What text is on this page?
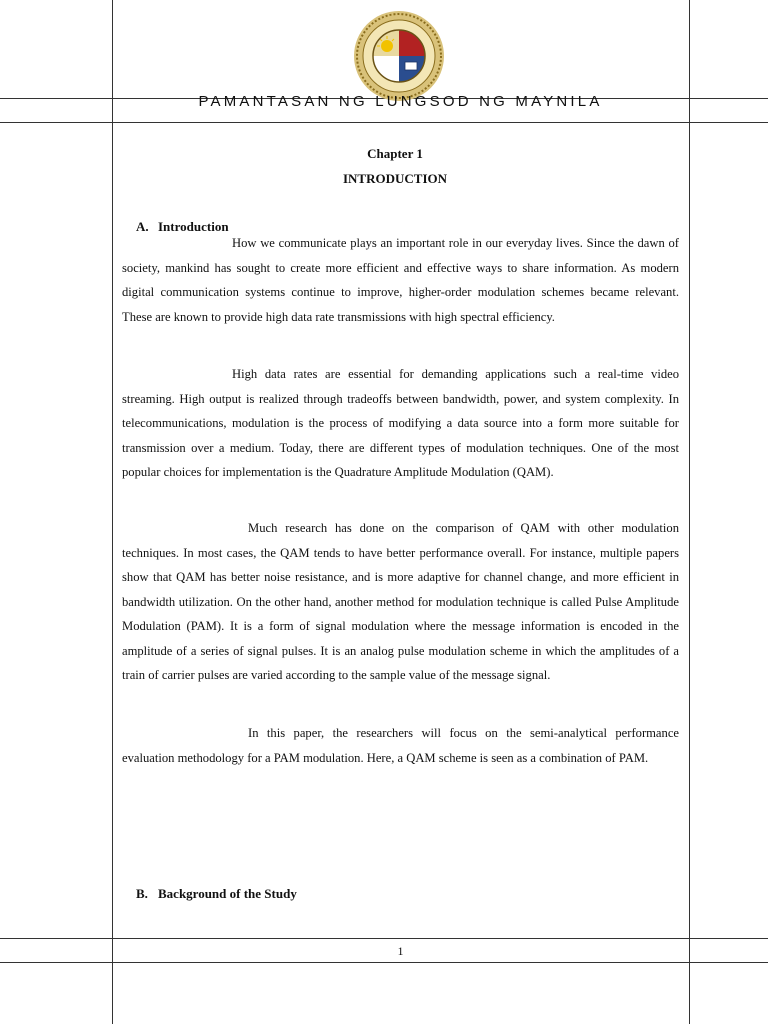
PAMANTASAN NG LUNGSOD NG MAYNILA
Chapter 1
INTRODUCTION
A. Introduction

How we communicate plays an important role in our everyday lives. Since the dawn of society, mankind has sought to create more efficient and effective ways to share information. As modern digital communication systems continue to improve, higher-order modulation schemes became relevant. These are known to provide high data rate transmissions with high spectral efficiency.

High data rates are essential for demanding applications such a real-time video streaming. High output is realized through tradeoffs between bandwidth, power, and system complexity. In telecommunications, modulation is the process of modifying a data source into a form more suitable for transmission over a medium. Today, there are different types of modulation techniques. One of the most popular choices for implementation is the Quadrature Amplitude Modulation (QAM).

Much research has done on the comparison of QAM with other modulation techniques. In most cases, the QAM tends to have better performance overall. For instance, multiple papers show that QAM has better noise resistance, and is more adaptive for channel change, and more efficient in bandwidth utilization. On the other hand, another method for modulation technique is called Pulse Amplitude Modulation (PAM). It is a form of signal modulation where the message information is encoded in the amplitude of a series of signal pulses. It is an analog pulse modulation scheme in which the amplitudes of a train of carrier pulses are varied according to the sample value of the message signal.

In this paper, the researchers will focus on the semi-analytical performance evaluation methodology for a PAM modulation. Here, a QAM scheme is seen as a combination of PAM.

B. Background of the Study
1
